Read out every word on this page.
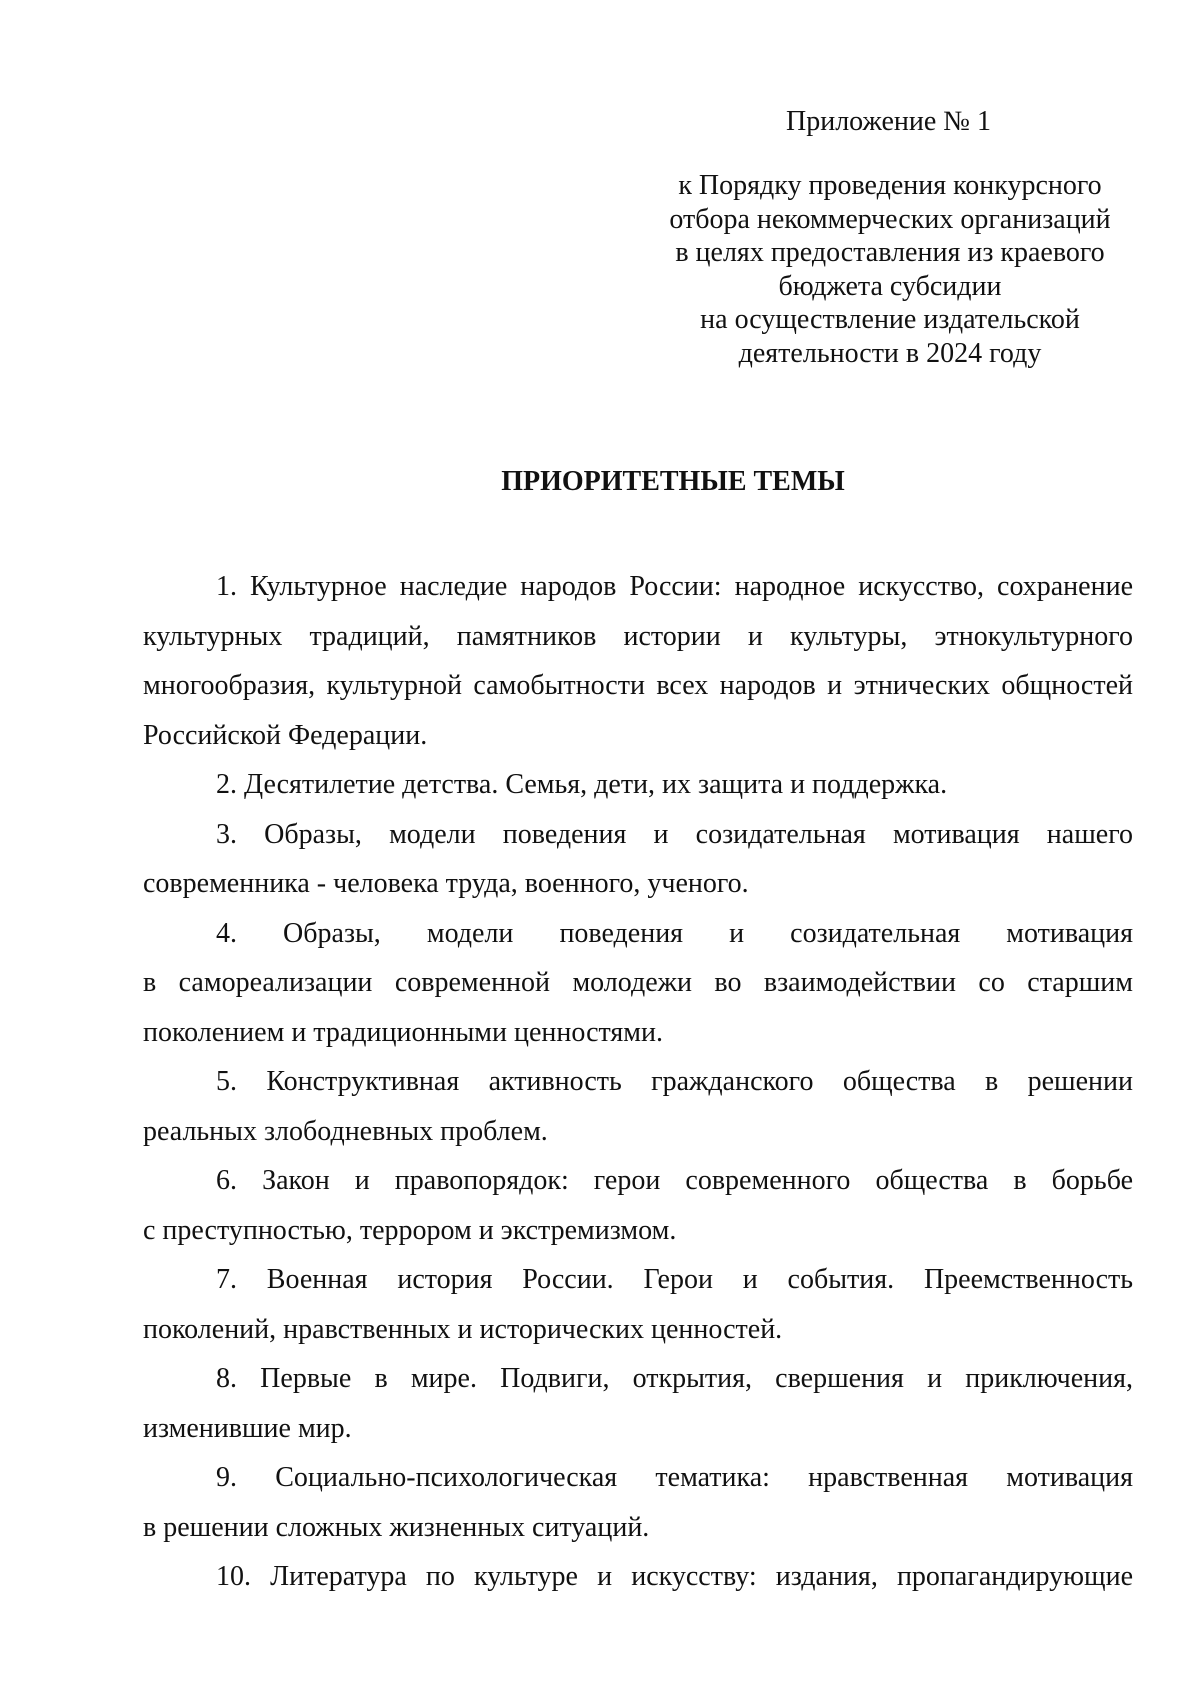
Приложение № 1
к Порядку проведения конкурсного
отбора некоммерческих организаций
в целях предоставления из краевого
бюджета субсидии
на осуществление издательской
деятельности в 2024 году
ПРИОРИТЕТНЫЕ ТЕМЫ
1. Культурное наследие народов России: народное искусство, сохранение
культурных традиций, памятников истории и культуры, этнокультурного
многообразия, культурной самобытности всех народов и этнических общностей
Российской Федерации.
2. Десятилетие детства. Семья, дети, их защита и поддержка.
3. Образы, модели поведения и созидательная мотивация нашего
современника - человека труда, военного, ученого.
4. Образы, модели поведения и созидательная мотивация
в самореализации современной молодежи во взаимодействии со старшим
поколением и традиционными ценностями.
5. Конструктивная активность гражданского общества в решении
реальных злободневных проблем.
6. Закон и правопорядок: герои современного общества в борьбе
с преступностью, террором и экстремизмом.
7. Военная история России. Герои и события. Преемственность
поколений, нравственных и исторических ценностей.
8. Первые в мире. Подвиги, открытия, свершения и приключения,
изменившие мир.
9. Социально-психологическая тематика: нравственная мотивация
в решении сложных жизненных ситуаций.
10. Литература по культуре и искусству: издания, пропагандирующие
